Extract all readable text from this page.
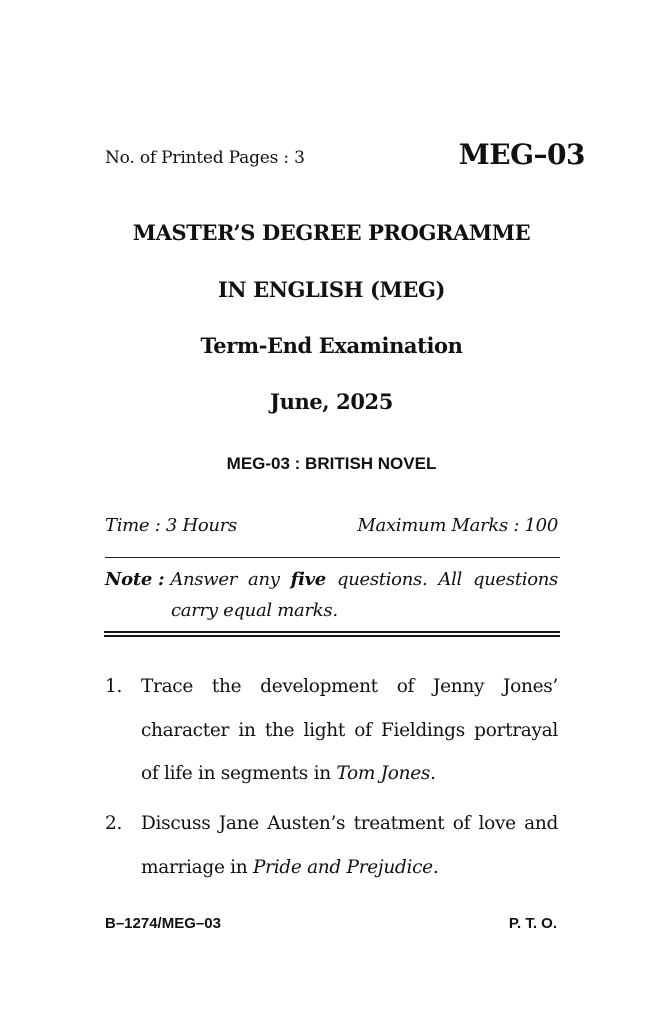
No. of Printed Pages : 3	MEG–03
MASTER’S DEGREE PROGRAMME
IN ENGLISH (MEG)
Term-End Examination
June, 2025
MEG-03 : BRITISH NOVEL
Time : 3 Hours	Maximum Marks : 100
Note : Answer any five questions. All questions
carry equal marks.
1.	Trace the development of Jenny Jones’
character in the light of Fieldings portrayal
of life in segments in Tom Jones.
2.	Discuss Jane Austen’s treatment of love and
marriage in Pride and Prejudice.
B–1274/MEG–03	P. T. O.
